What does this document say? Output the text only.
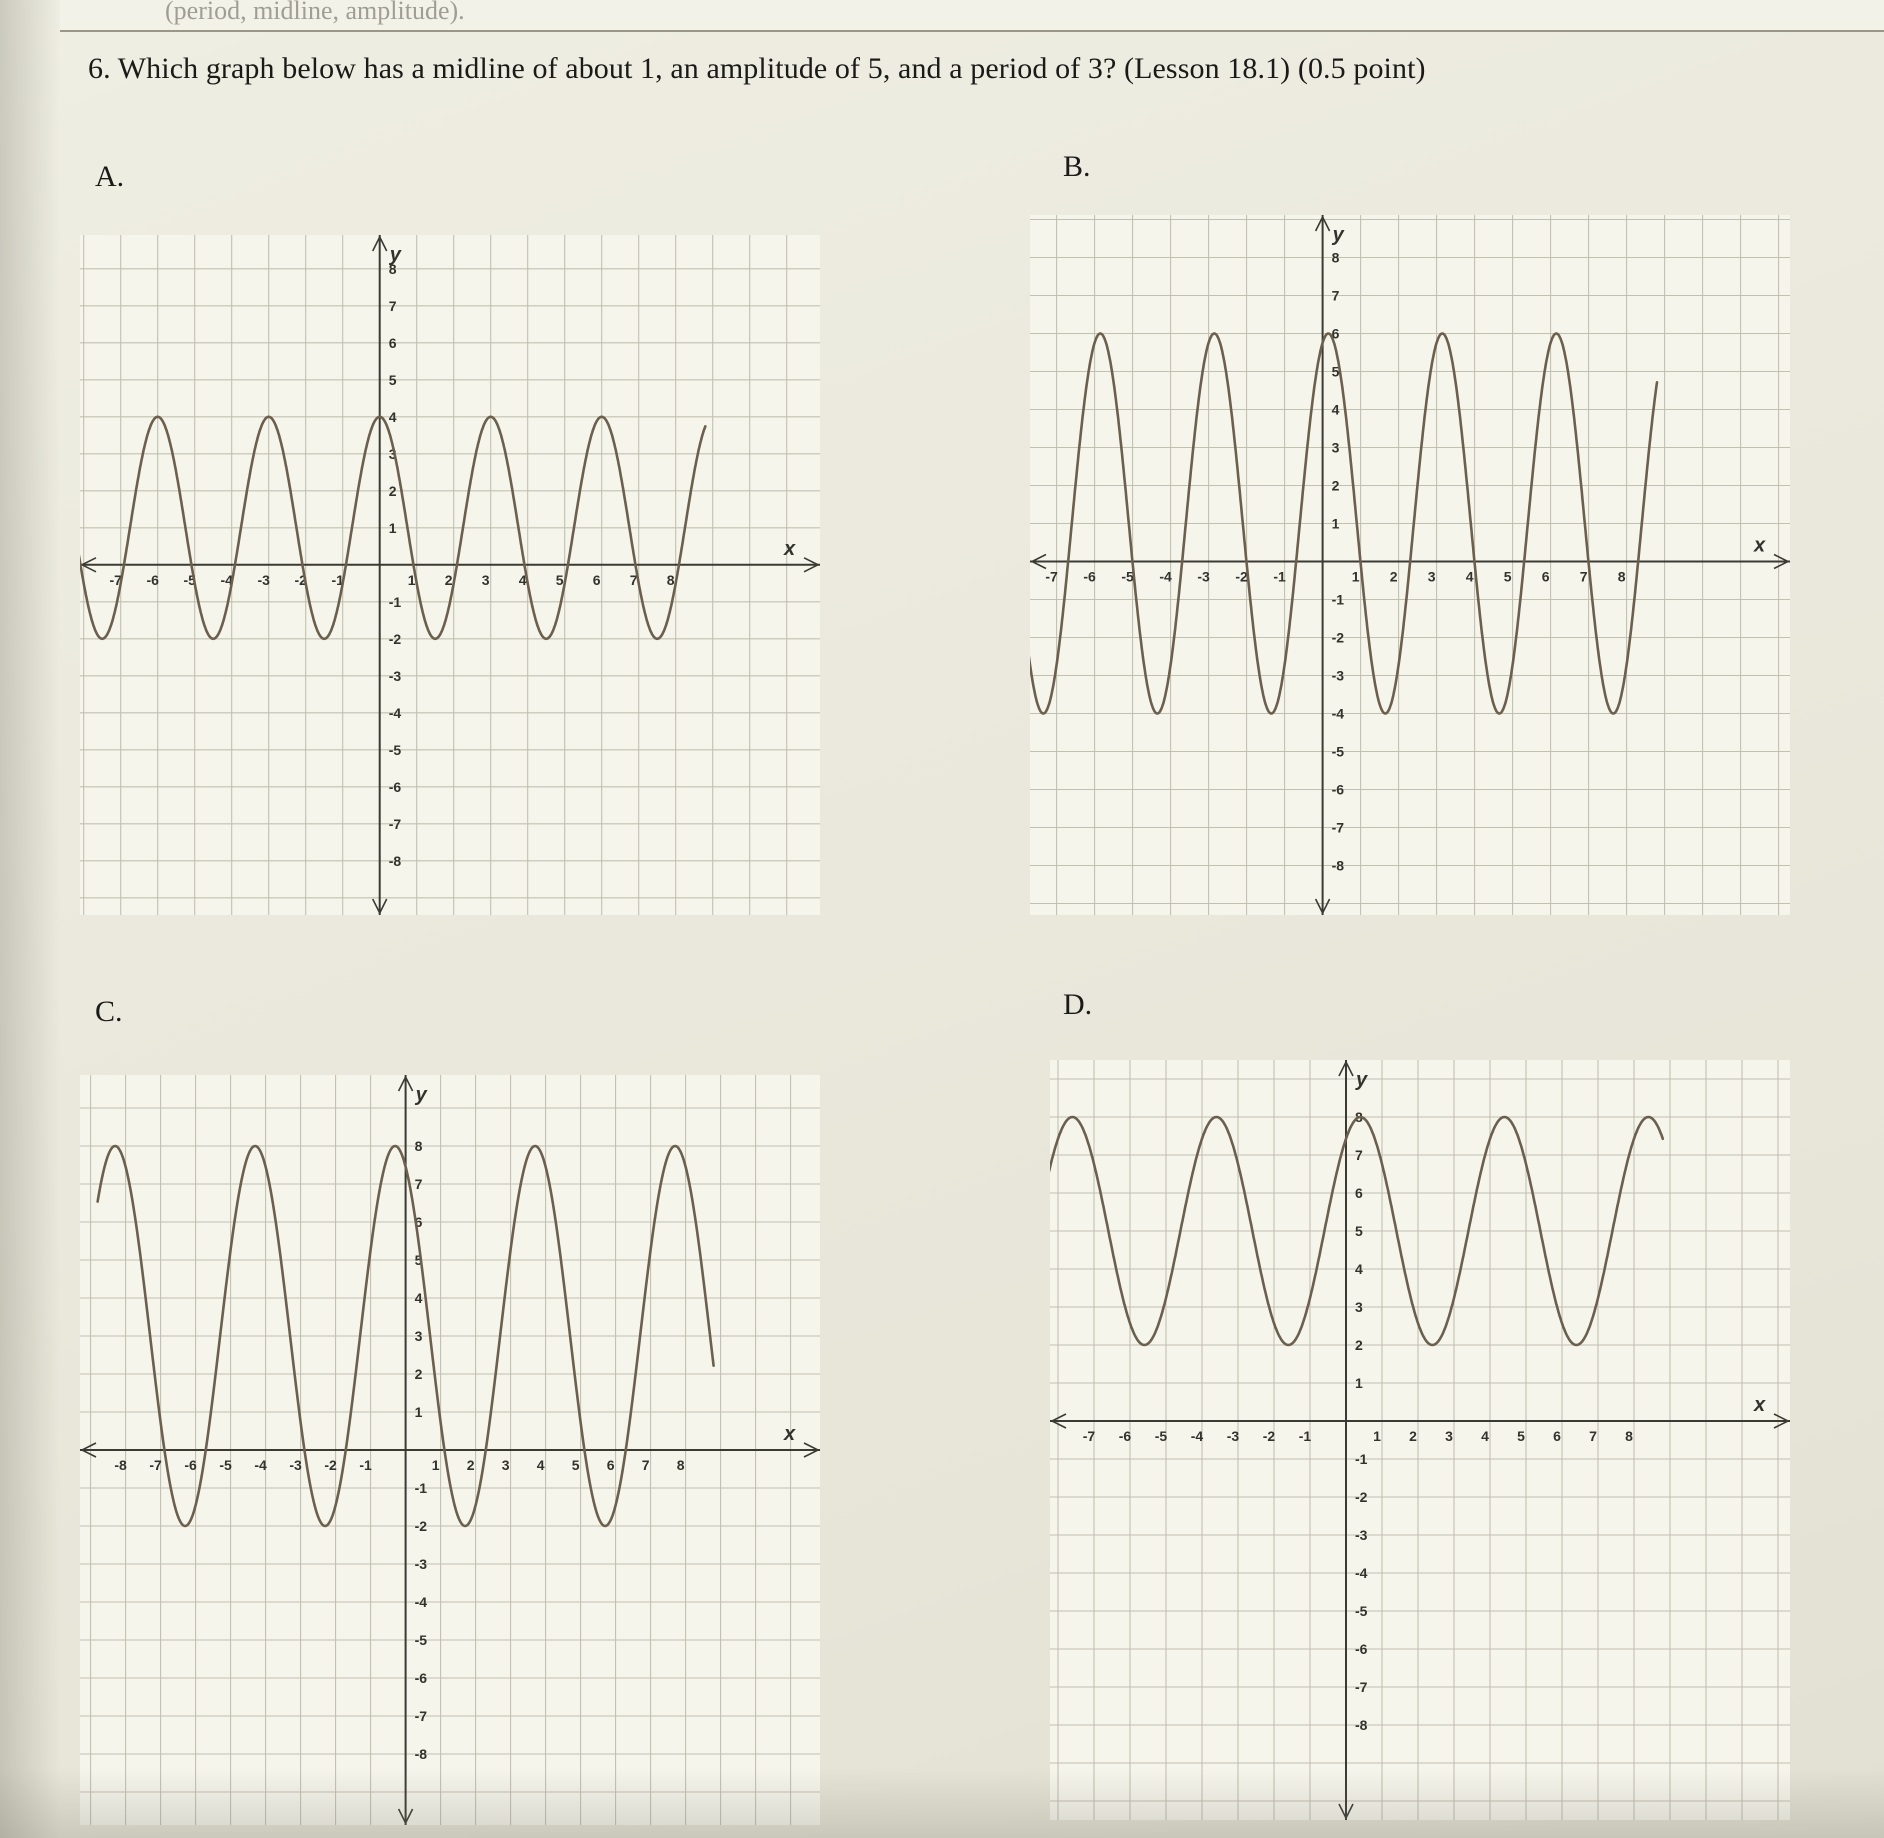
(period, midline, amplitude).
6. Which graph below has a midline of about 1, an amplitude of 5, and a period of 3? (Lesson 18.1) (0.5 point)
A.	B.
C.	D.
-7 -6 -5 -4 -3 -2 -1	1 2 3 4 5 6 7 8
8
7
6
5
4
3
2
1
-1
-2
-3
-4
-5
-6
-7
-8
y
x
-7 -6 -5 -4 -3 -2 -1	1 2 3 4 5 6 7 8
8
7
6
5
4
3
2
1
-1
-2
-3
-4
-5
-6
-7
-8
y
x
-8 -7 -6 -5 -4 -3 -2 -1	1 2 3 4 5 6 7 8
8
7
6
5
4
3
2
1
-1
-2
-3
-4
-5
-6
-7
-8
y
x	-7 -6 -5 -4 -3 -2 -1	1 2 3 4 5 6 7 8
8
7
6
5
4
3
2
1
-1
-2
-3
-4
-5
-6
-7
-8
y
x
